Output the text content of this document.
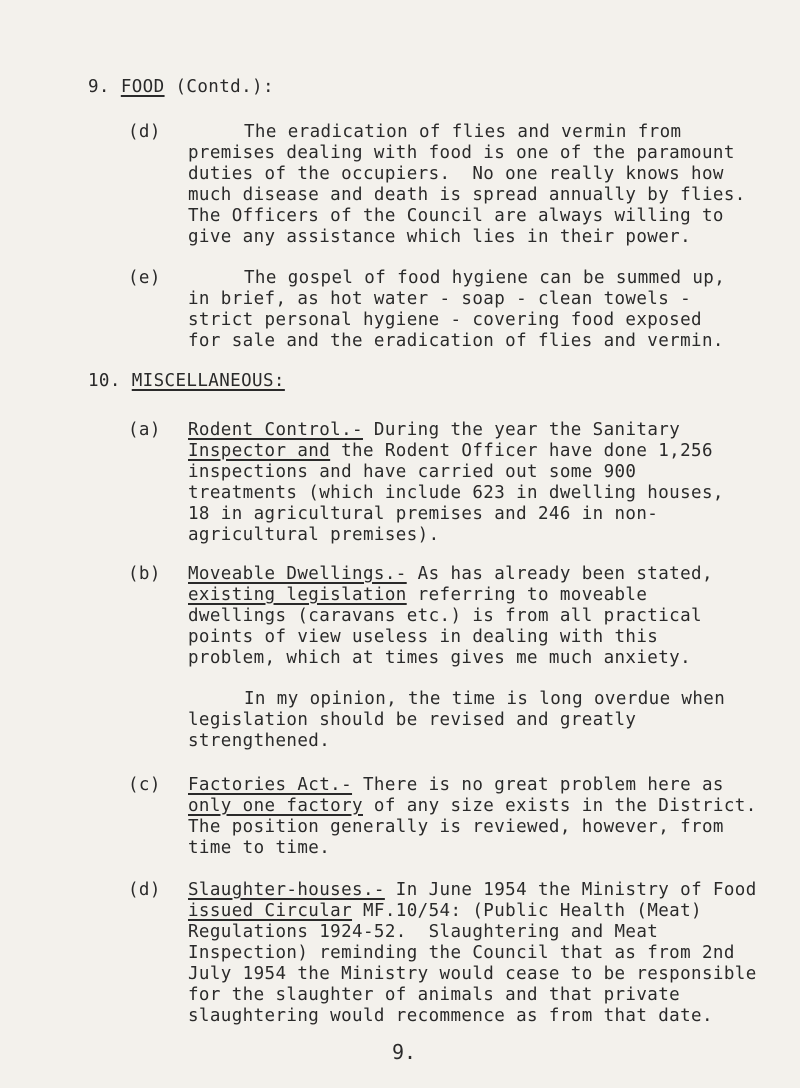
9. FOOD (Contd.):
(d)	The eradication of flies and vermin from
premises dealing with food is one of the paramount
duties of the occupiers.  No one really knows how
much disease and death is spread annually by flies.
The Officers of the Council are always willing to
give any assistance which lies in their power.
(e)	The gospel of food hygiene can be summed up,
in brief, as hot water - soap - clean towels -
strict personal hygiene - covering food exposed
for sale and the eradication of flies and vermin.
10. MISCELLANEOUS:
(a) Rodent Control.- During the year the Sanitary
Inspector and the Rodent Officer have done 1,256
inspections and have carried out some 900
treatments (which include 623 in dwelling houses,
18 in agricultural premises and 246 in non-
agricultural premises).
(b) Moveable Dwellings.- As has already been stated,
existing legislation referring to moveable
dwellings (caravans etc.) is from all practical
points of view useless in dealing with this
problem, which at times gives me much anxiety.
In my opinion, the time is long overdue when
legislation should be revised and greatly
strengthened.
(c) Factories Act.- There is no great problem here as
only one factory of any size exists in the District.
The position generally is reviewed, however, from
time to time.
(d) Slaughter-houses.- In June 1954 the Ministry of Food
issued Circular MF.10/54: (Public Health (Meat)
Regulations 1924-52.  Slaughtering and Meat
Inspection) reminding the Council that as from 2nd
July 1954 the Ministry would cease to be responsible
for the slaughter of animals and that private
slaughtering would recommence as from that date.
9.
